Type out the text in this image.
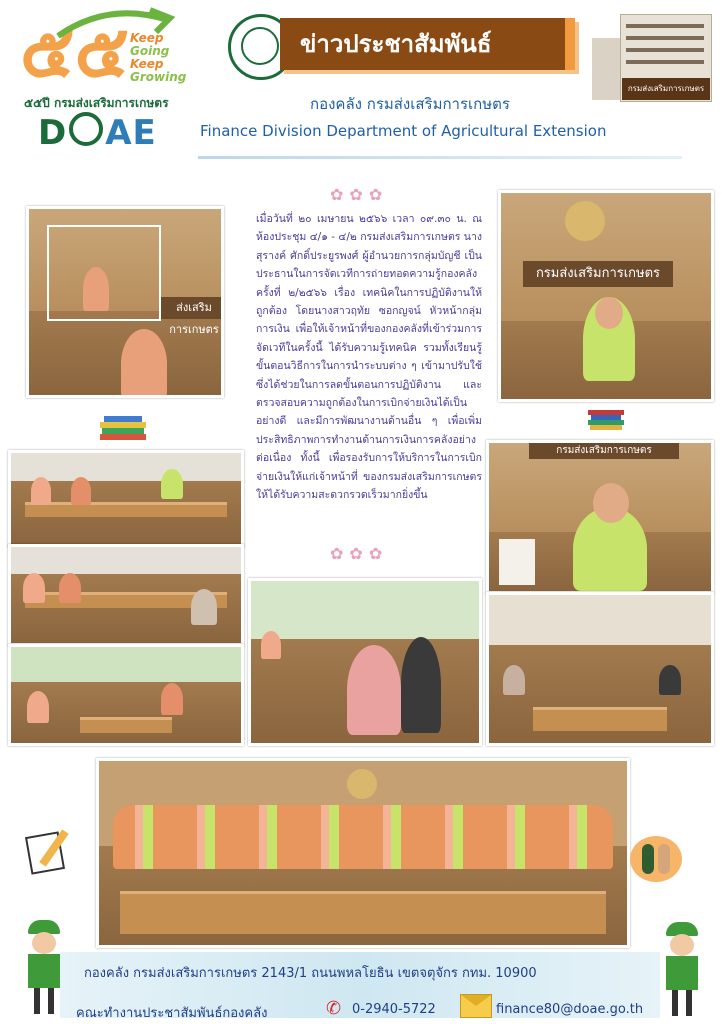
๕๕ Keep
Going
Keep
Growing
๕๕ปี กรมส่งเสริมการเกษตร
D AE
ข่าวประชาสัมพันธ์
กรมส่งเสริมการเกษตร
กองคลัง กรมส่งเสริมการเกษตร
Finance Division Department of Agricultural Extension
✿✿✿
✿✿✿
เมื่อวันที่ ๒๐ เมษายน ๒๕๖๖ เวลา ๐๙.๓๐ น. ณ ห้องประชุม ๔/๑ - ๔/๒ กรมส่งเสริมการเกษตร นางสุรางค์ ศักดิ์ประยูรพงศ์ ผู้อำนวยการกลุ่มบัญชี เป็นประธานในการจัดเวทีการถ่ายทอดความรู้กองคลัง ครั้งที่ ๒/๒๕๖๖ เรื่อง เทคนิคในการปฏิบัติงานให้ถูกต้อง โดยนางสาวฤทัย ซอกญจน์ หัวหน้ากลุ่มการเงิน เพื่อให้เจ้าหน้าที่ของกองคลังที่เข้าร่วมการจัดเวทีในครั้งนี้ ได้รับความรู้เทคนิค รวมทั้งเรียนรู้ขั้นตอนวิธีการในการนำระบบต่าง ๆ เข้ามาปรับใช้ ซึ่งได้ช่วยในการลดขั้นตอนการปฏิบัติงาน และตรวจสอบความถูกต้องในการเบิกจ่ายเงินได้เป็นอย่างดี และมีการพัฒนางานด้านอื่น ๆ เพื่อเพิ่มประสิทธิภาพการทำงานด้านการเงินการคลังอย่างต่อเนื่อง ทั้งนี้ เพื่อรองรับการให้บริการในการเบิกจ่ายเงินให้แก่เจ้าหน้าที่ ของกรมส่งเสริมการเกษตรให้ได้รับความสะดวกรวดเร็วมากยิ่งขึ้น
ส่งเสริมการเกษตร
กรมส่งเสริมการเกษตร
กรมส่งเสริมการเกษตร
กองคลัง กรมส่งเสริมการเกษตร 2143/1 ถนนพหลโยธิน เขตจตุจักร กทม. 10900
คณะทำงานประชาสัมพันธ์กองคลัง	✆ 0-2940-5722	finance80@doae.go.th
